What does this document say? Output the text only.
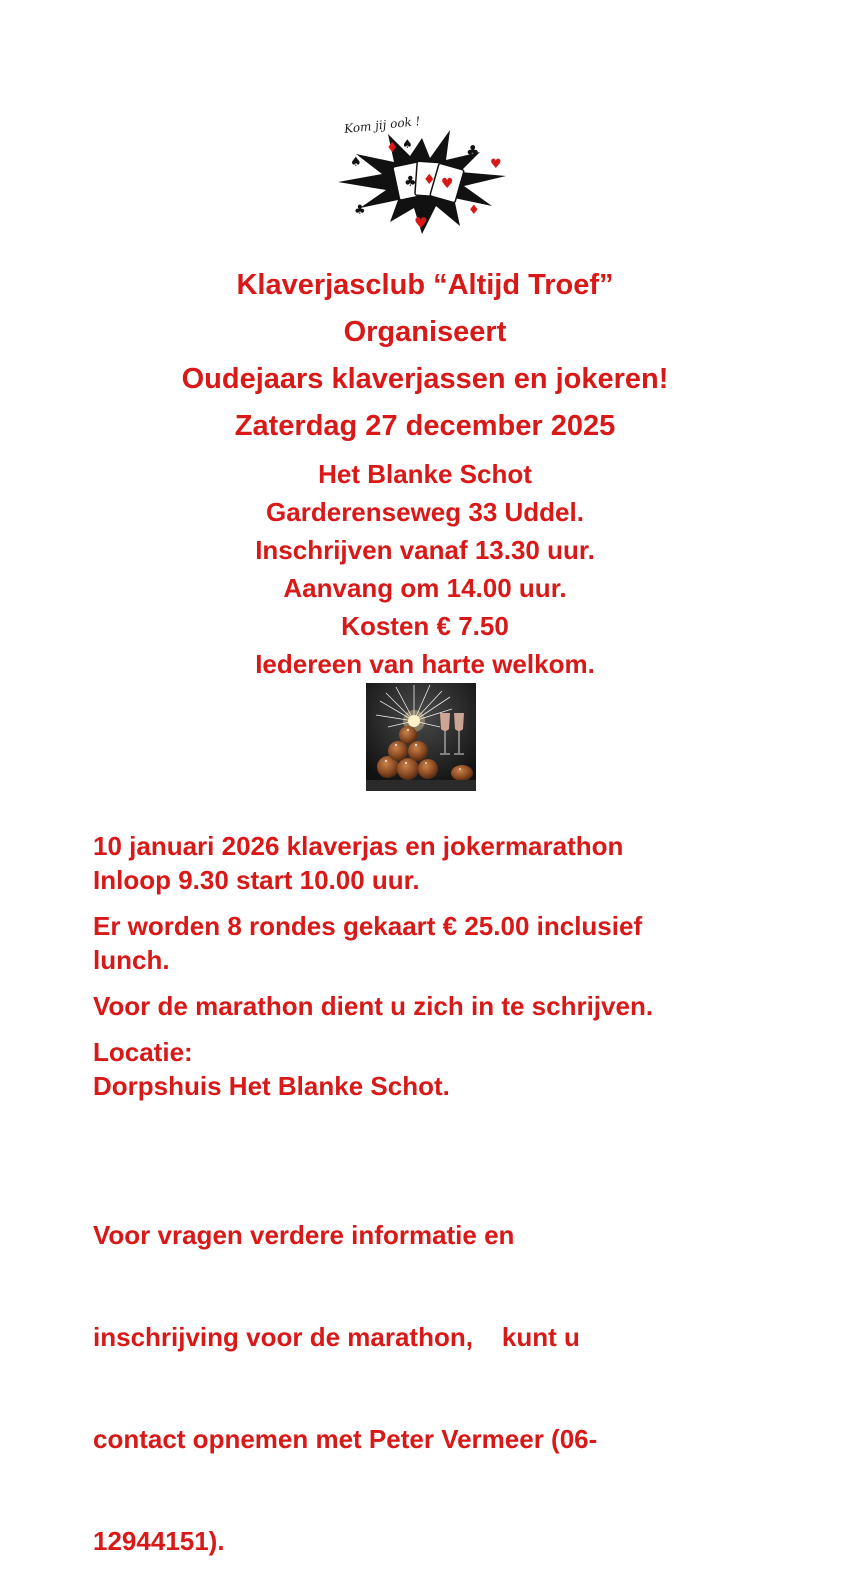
♣ ♦ ♥
♦	♣
♥
♠
♣
♥
♦
♠
Kom jij ook !

Klaverjasclub “Altijd Troef”

Organiseert

Oudejaars klaverjassen en jokeren!

Zaterdag 27 december 2025

Het Blanke Schot

Garderenseweg 33 Uddel.

Inschrijven vanaf 13.30 uur.

Aanvang om 14.00 uur.

Kosten € 7.50

Iedereen van harte welkom.

10 januari 2026 klaverjas en jokermarathon

Inloop 9.30 start 10.00 uur.

Er worden 8 rondes gekaart € 25.00 inclusief

lunch.

Voor de marathon dient u zich in te schrijven.

Locatie:

Dorpshuis Het Blanke Schot.

Voor vragen verdere informatie en

inschrijving voor de marathon,    kunt u

contact opnemen met Peter Vermeer (06-

12944151).
